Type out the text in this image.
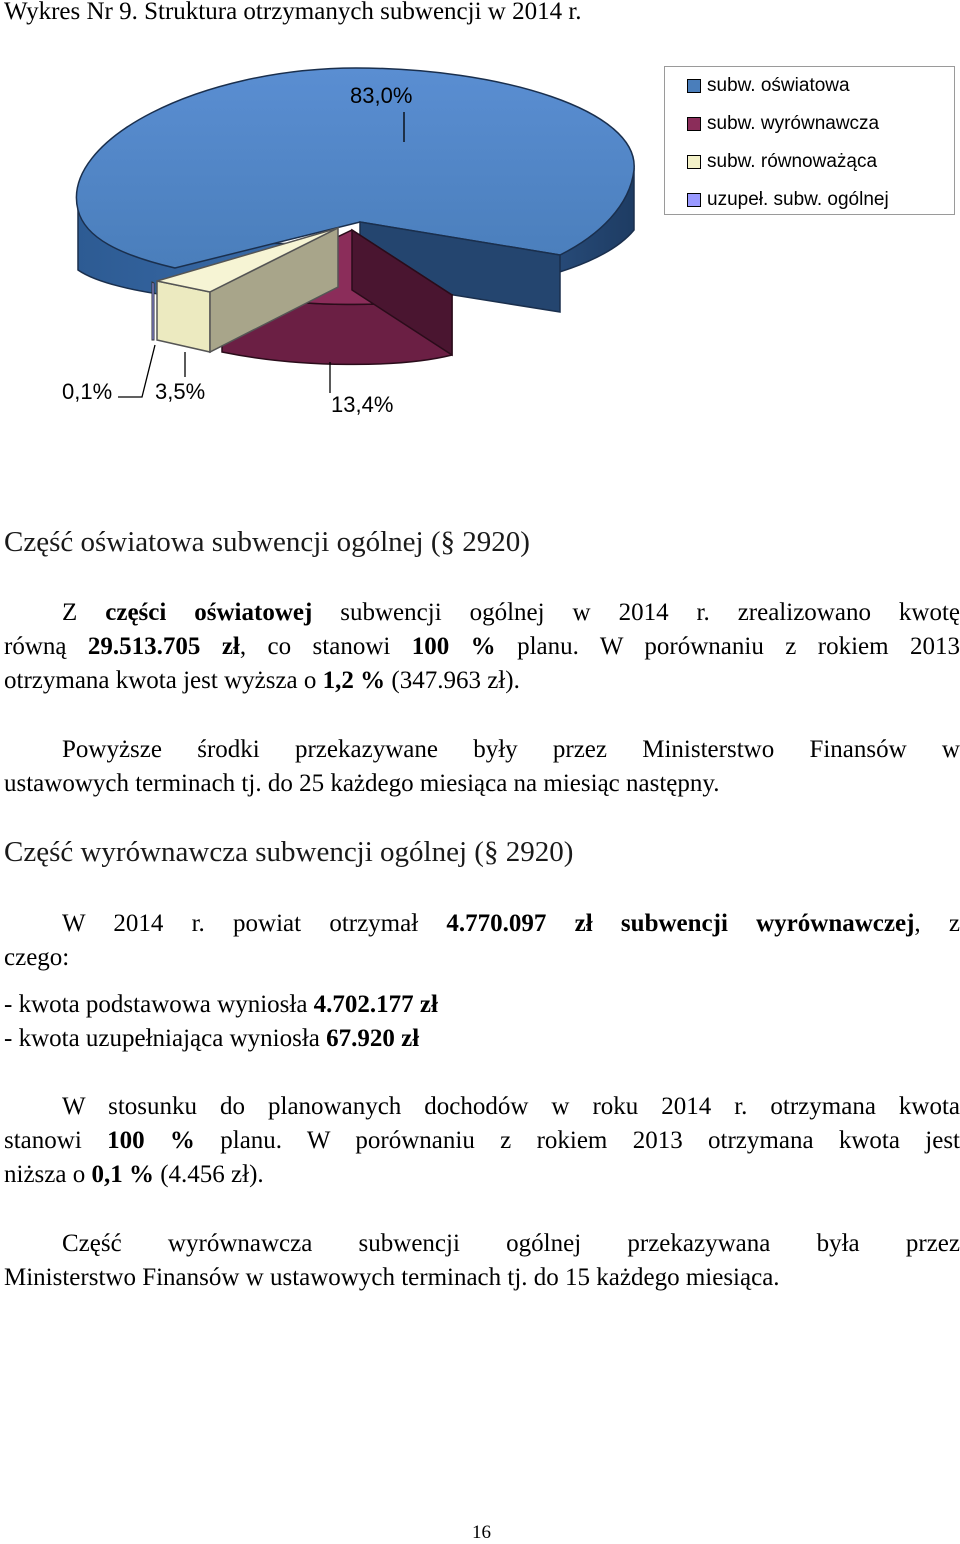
Wykres Nr 9. Struktura otrzymanych subwencji w 2014 r.
83,0%
13,4%
3,5%
0,1%
subw. oświatowa
subw. wyrównawcza
subw. równoważąca
uzupeł. subw. ogólnej
Część oświatowa subwencji ogólnej (§ 2920)
Z części oświatowej subwencji ogólnej w 2014 r. zrealizowano kwotę
równą 29.513.705 zł, co stanowi 100 % planu. W porównaniu z rokiem 2013
otrzymana kwota jest wyższa o 1,2 % (347.963 zł).
Powyższe środki przekazywane były przez Ministerstwo Finansów w
ustawowych terminach tj. do 25 każdego miesiąca na miesiąc następny.
Część wyrównawcza subwencji ogólnej (§ 2920)
W 2014 r. powiat otrzymał 4.770.097 zł subwencji wyrównawczej, z
czego:
- kwota podstawowa wyniosła 4.702.177 zł
- kwota uzupełniająca wyniosła 67.920 zł
W stosunku do planowanych dochodów w roku 2014 r. otrzymana kwota
stanowi 100 % planu. W porównaniu z rokiem 2013 otrzymana kwota jest
niższa o 0,1 % (4.456 zł).
Część wyrównawcza subwencji ogólnej przekazywana była przez
Ministerstwo Finansów w ustawowych terminach tj. do 15 każdego miesiąca.
16
